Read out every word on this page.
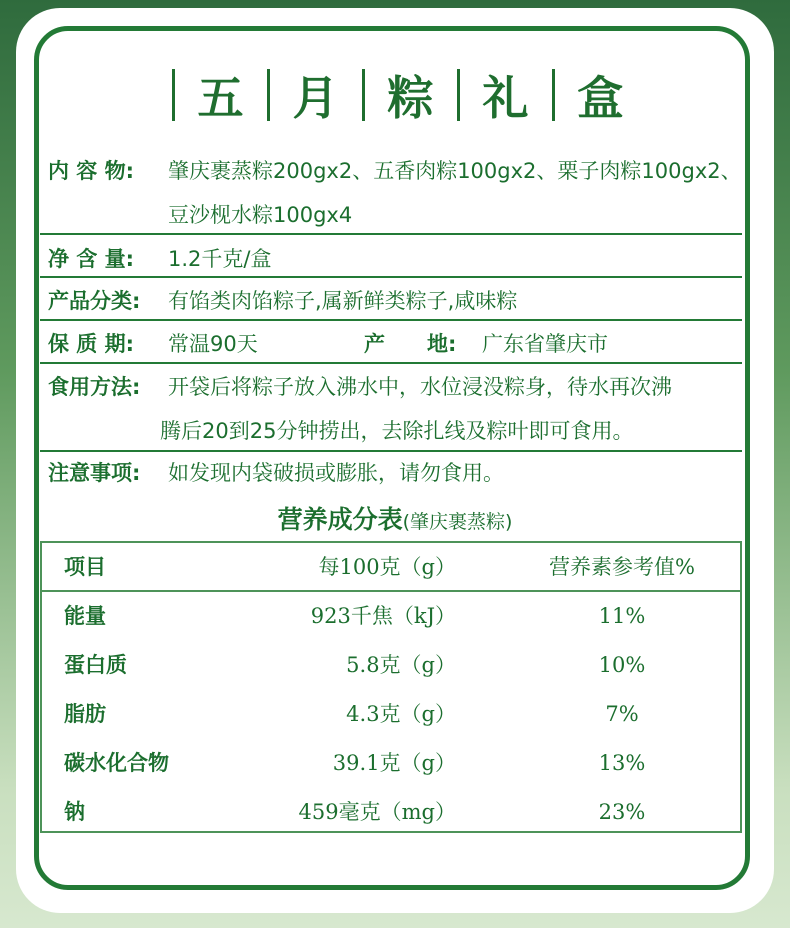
五 月 粽 礼 盒
内 容 物: 肇庆裹蒸粽200gx2、五香肉粽100gx2、栗子肉粽100gx2、
豆沙枧水粽100gx4
净 含 量: 1.2千克/盒
产品分类: 有馅类肉馅粽子,属新鲜类粽子,咸味粽
保 质 期: 常温90天	产　　地: 广东省肇庆市
食用方法: 开袋后将粽子放入沸水中，水位浸没粽身，待水再次沸
腾后20到25分钟捞出，去除扎线及粽叶即可食用。
注意事项: 如发现内袋破损或膨胀，请勿食用。
营养成分表(肇庆裹蒸粽)
项目	每100克（g）	营养素参考值%
能量	923千焦（kJ）	11%
蛋白质	5.8克（g）	10%
脂肪	4.3克（g）	7%
碳水化合物	39.1克（g）	13%
钠	459毫克（mg）	23%
